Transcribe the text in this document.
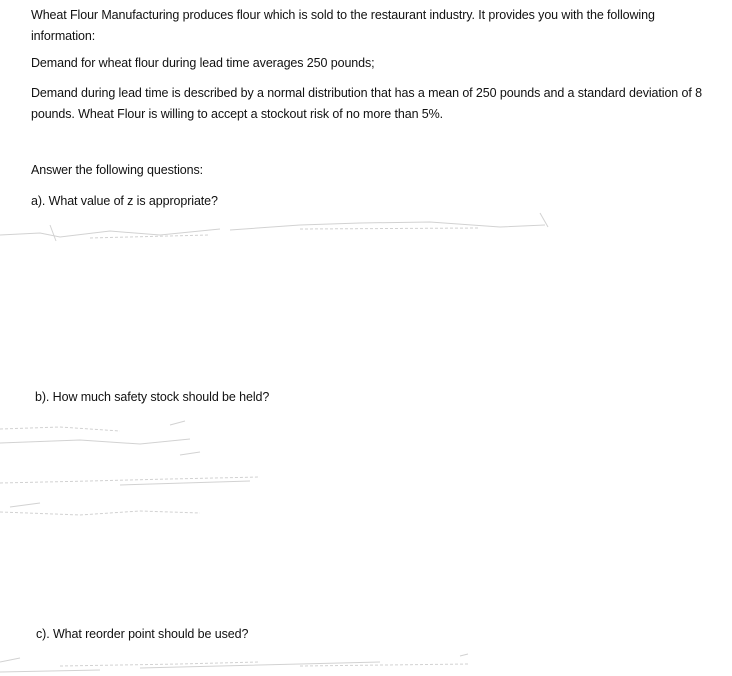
Wheat Flour Manufacturing produces flour which is sold to the restaurant industry. It provides you with the following information:

Demand for wheat flour during lead time averages 250 pounds;

Demand during lead time is described by a normal distribution that has a mean of 250 pounds and a standard deviation of 8 pounds. Wheat Flour is willing to accept a stockout risk of no more than 5%.

Answer the following questions:

a). What value of z is appropriate?

b). How much safety stock should be held?

c). What reorder point should be used?
